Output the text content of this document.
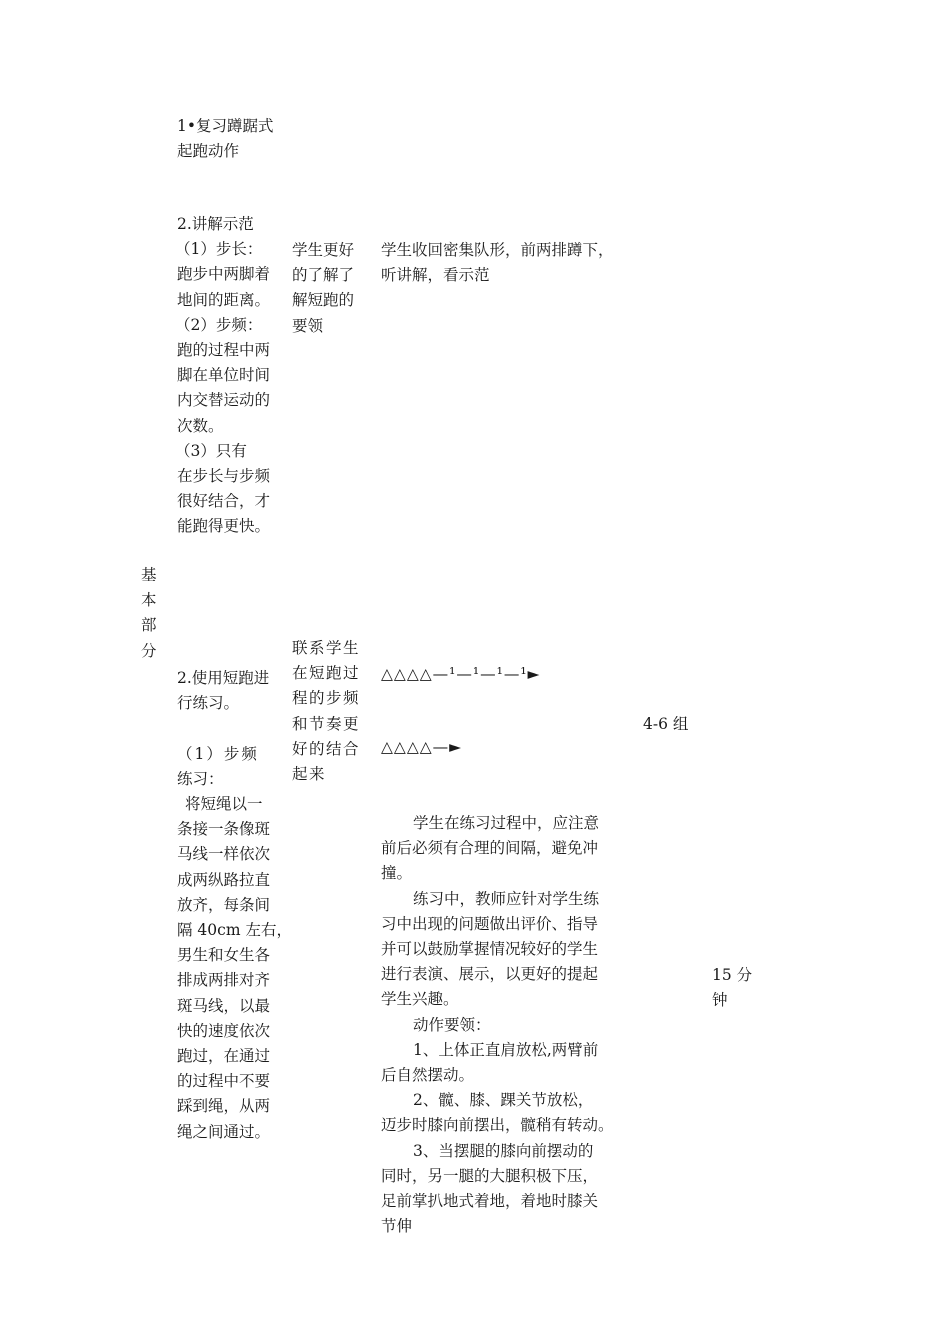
基
本
部
分
1•复习蹲踞式
起跑动作
2.讲解示范
（1）步长：
跑步中两脚着
地间的距离。
（2）步频：
跑的过程中两
脚在单位时间
内交替运动的
次数。
（3）只有
在步长与步频
很好结合，才
能跑得更快。
2.使用短跑进
行练习。
（1）步频
练习：
将短绳以一
条接一条像斑
马线一样依次
成两纵路拉直
放齐，每条间
隔 40cm 左右，
男生和女生各
排成两排对齐
斑马线，以最
快的速度依次
跑过，在通过
的过程中不要
踩到绳，从两
绳之间通过。
学生更好
的了解了
解短跑的
要领
联系学生
在短跑过
程的步频
和节奏更
好的结合
起来
学生收回密集队形，前两排蹲下，
听讲解，看示范
△△△△—¹—¹—¹—¹►
△△△△—►
学生在练习过程中，应注意
前后必须有合理的间隔，避免冲
撞。
练习中，教师应针对学生练
习中出现的问题做出评价、指导
并可以鼓励掌握情况较好的学生
进行表演、展示，以更好的提起
学生兴趣。
动作要领：
1、上体正直肩放松,两臂前
后自然摆动。
2、髋、膝、踝关节放松，
迈步时膝向前摆出，髋稍有转动。
3、当摆腿的膝向前摆动的
同时，另一腿的大腿积极下压，
足前掌扒地式着地，着地时膝关
节伸
4-6 组
15 分
钟
